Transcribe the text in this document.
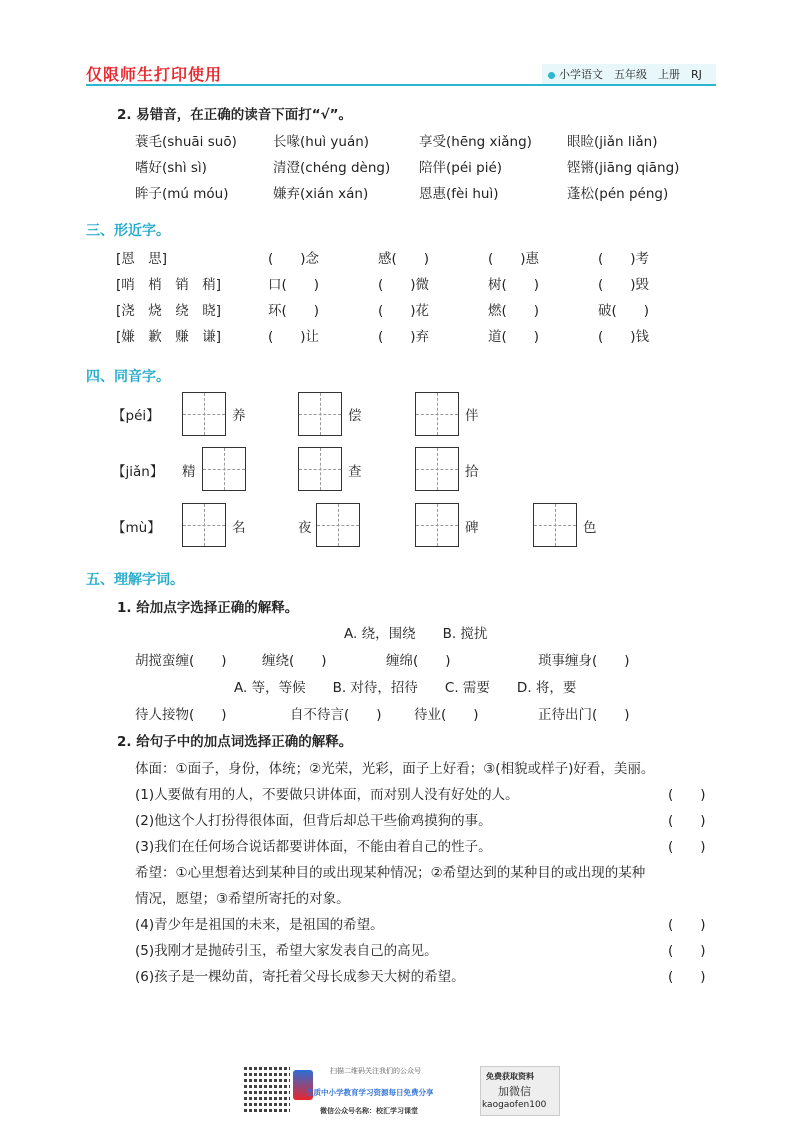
仅限师生打印使用	小学语文　五年级　上册　RJ
2. 易错音，在正确的读音下面打“√”。
蓑毛(shuāi suō)	长喙(huì yuán)	享受(hēng xiǎng)	眼睑(jiǎn liǎn)
嗜好(shì sì)	清澄(chéng dèng) 陪伴(péi pié)	铿锵(jiāng qiāng)
眸子(mú móu)	嫌弃(xián xán)	恩惠(fèi huì)	蓬松(pén péng)
三、形近字。
[恩　思]	(　　)念	感(　　)	(　　)惠	(　　)考
[哨　梢　销　稍]	口(　　)	(　　)微	树(　　)	(　　)毁
[浇　烧　绕　晓]	环(　　)	(　　)花	燃(　　)	破(　　)
[嫌　歉　赚　谦]	(　　)让	(　　)弃	道(　　)	(　　)钱
四、同音字。
【péi】	养	偿	伴
【jiǎn】 精	查	拾
【mù】	名	夜	碑	色
五、理解字词。
1. 给加点字选择正确的解释。
A. 绕，围绕　　B. 搅扰
胡搅蛮缠(　　)	缠绕(　　)	缠绵(　　)	琐事缠身(　　)
A. 等，等候　　B. 对待，招待　　C. 需要　　D. 将，要
待人接物(　　)	自不待言(　　) 待业(　　)	正待出门(　　)
2. 给句子中的加点词选择正确的解释。
体面：①面子，身份，体统；②光荣，光彩，面子上好看；③(相貌或样子)好看，美丽。
(1)人要做有用的人，不要做只讲体面，而对别人没有好处的人。	(　　)
(2)他这个人打扮得很体面，但背后却总干些偷鸡摸狗的事。	(　　)
(3)我们在任何场合说话都要讲体面，不能由着自己的性子。	(　　)
希望：①心里想着达到某种目的或出现某种情况；②希望达到的某种目的或出现的某种
情况，愿望；③希望所寄托的对象。
(4)青少年是祖国的未来，是祖国的希望。	(　　)
(5)我刚才是抛砖引玉，希望大家发表自己的高见。	(　　)
(6)孩子是一棵幼苗，寄托着父母长成参天大树的希望。	(　　)
扫描二维码关注我们的公众号
优质中小学教育学习资源每日免费分享
微信公众号名称：校汇学习课堂
免费获取资料
加微信
kaogaofen100
